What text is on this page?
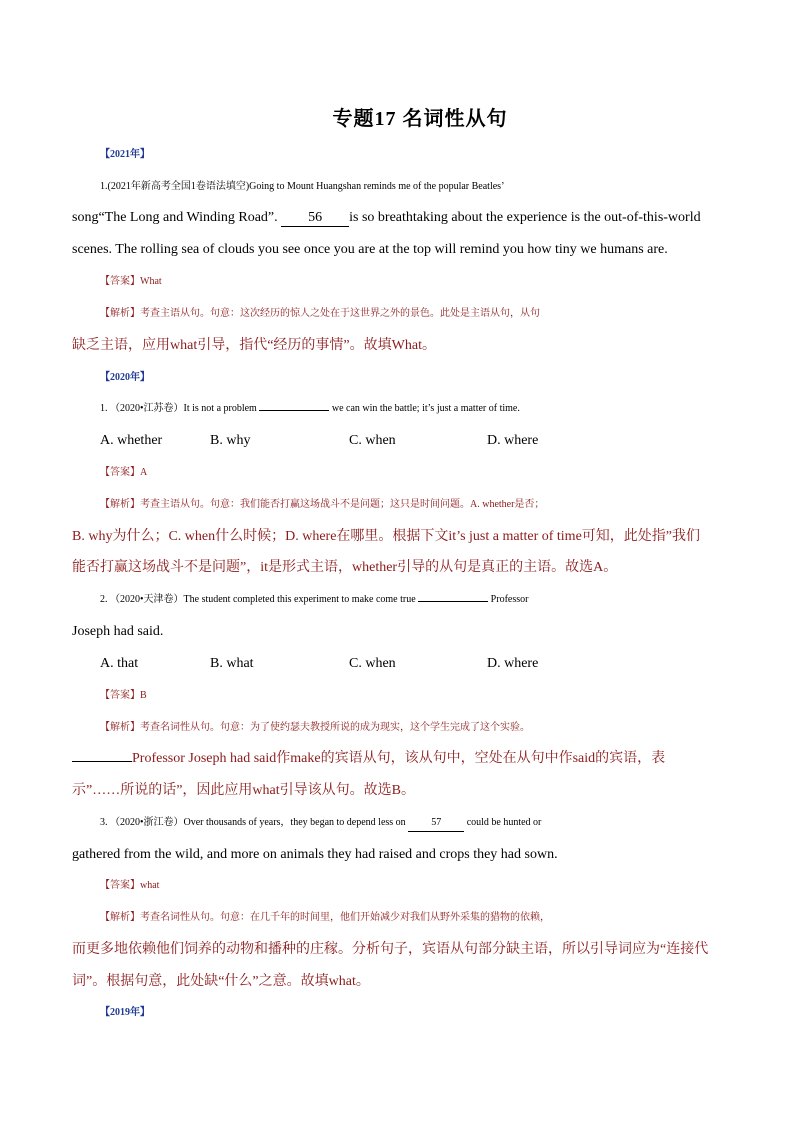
专题17 名词性从句
【2021年】
1.(2021年新高考全国1卷语法填空)Going to Mount Huangshan reminds me of the popular Beatles’
song“The Long and Winding Road”. 56 is so breathtaking about the experience is the out-of-this-world
scenes. The rolling sea of clouds you see once you are at the top will remind you how tiny we humans are.
【答案】What
【解析】考查主语从句。句意：这次经历的惊人之处在于这世界之外的景色。此处是主语从句，从句
缺乏主语，应用what引导，指代“经历的事情”。故填What。
【2020年】
1. （2020•江苏卷）It is not a problem	we can win the battle; it’s just a matter of time.
A. whether	B. why	C. when	D. where
【答案】A
【解析】考查主语从句。句意：我们能否打赢这场战斗不是问题；这只是时间问题。A. whether是否；
B. why为什么；C. when什么时候；D. where在哪里。根据下文it’s just a matter of time可知，此处指”我们
能否打赢这场战斗不是问题”，it是形式主语，whether引导的从句是真正的主语。故选A。
2. （2020•天津卷）The student completed this experiment to make come true	Professor
Joseph had said.
A. that	B. what	C. when	D. where
【答案】B
【解析】考查名词性从句。句意：为了使约瑟夫教授所说的成为现实，这个学生完成了这个实验。
Professor Joseph had said作make的宾语从句，该从句中，空处在从句中作said的宾语，表
示”……所说的话”，因此应用what引导该从句。故选B。
3. （2020•浙江卷）Over thousands of years，they began to depend less on	57	could be hunted or
gathered from the wild, and more on animals they had raised and crops they had sown.
【答案】what
【解析】考查名词性从句。句意：在几千年的时间里，他们开始减少对我们从野外采集的猎物的依赖，
而更多地依赖他们饲养的动物和播种的庄稼。分析句子，宾语从句部分缺主语，所以引导词应为“连接代
词”。根据句意，此处缺“什么”之意。故填what。
【2019年】
